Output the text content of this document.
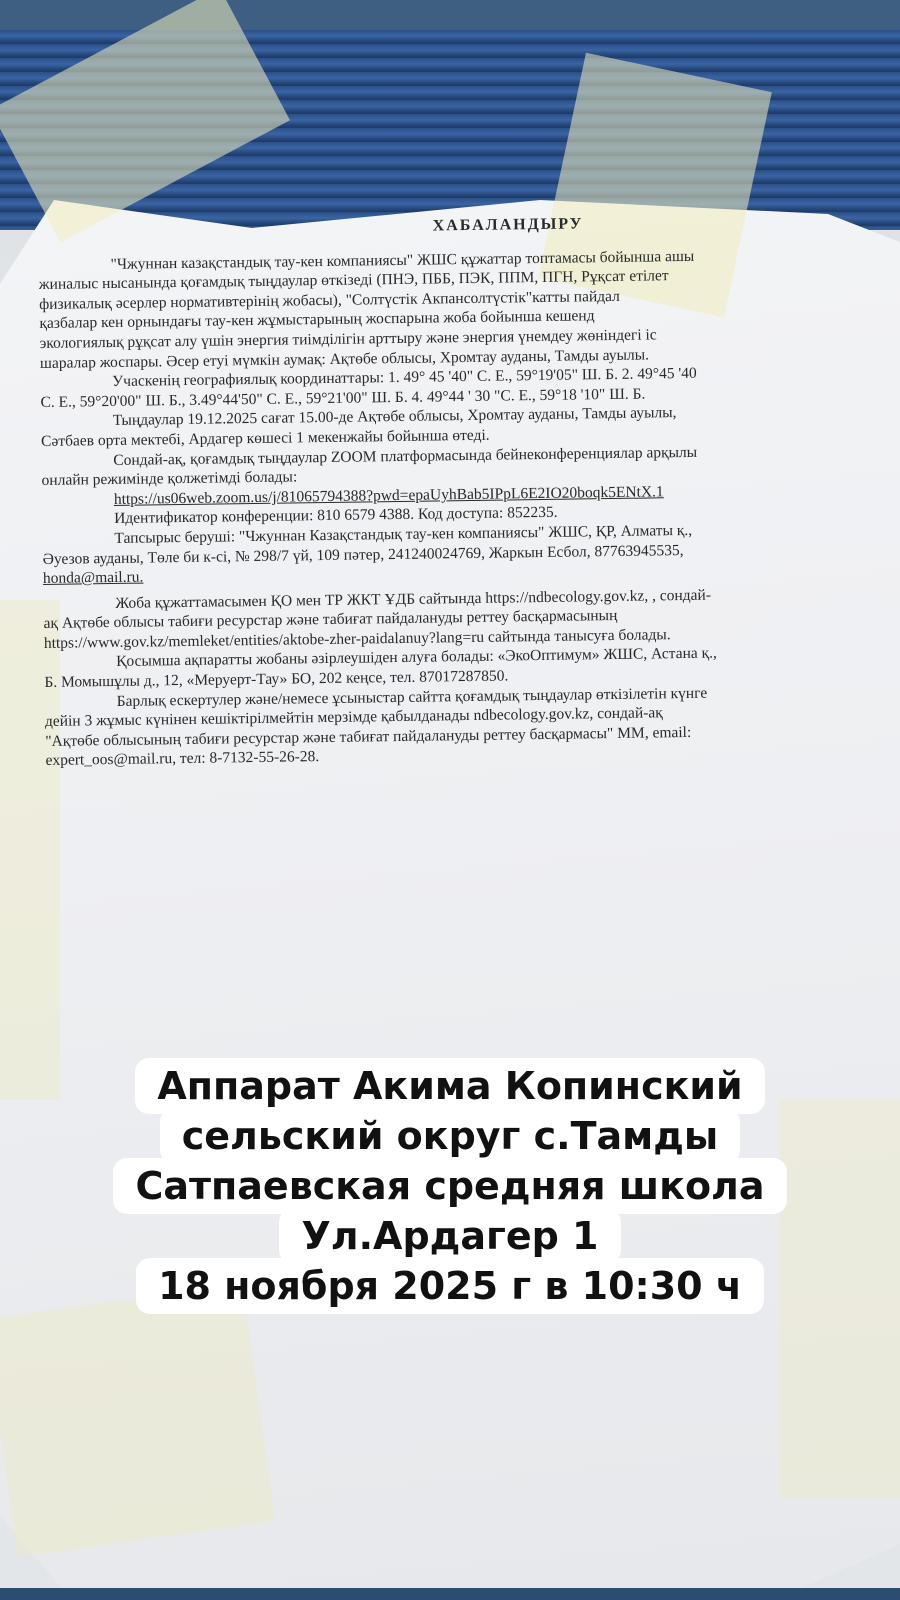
ХАБАЛАНДЫРУ
"Чжуннан казақстандық тау-кен компаниясы" ЖШС құжаттар топтамасы бойынша ашы
жиналыс нысанында қоғамдық тыңдаулар өткізеді (ПНЭ, ПББ, ПЭК, ППМ, ПГН, Рұқсат етілет
физикалық әсерлер нормативтерінің жобасы), "Солтүстік Акпансолтүстік"катты пайдал
қазбалар кен орнындағы тау-кен жұмыстарының жоспарына жоба бойынша кешенд
экологиялық рұқсат алу үшін энергия тиімділігін арттыру және энергия үнемдеу жөніндегі іс
шаралар жоспары. Әсер етуі мүмкін аумақ: Ақтөбе облысы, Хромтау ауданы, Тамды ауылы.
Учаскенің географиялық координаттары: 1. 49° 45 '40" С. Е., 59°19'05" Ш. Б. 2. 49°45 '40
С. Е., 59°20'00" Ш. Б., 3.49°44'50" С. Е., 59°21'00" Ш. Б. 4. 49°44 ' 30 "С. Е., 59°18 '10" Ш. Б.
Тыңдаулар 19.12.2025 сағат 15.00-де Ақтөбе облысы, Хромтау ауданы, Тамды ауылы,
Сәтбаев орта мектебі, Ардагер көшесі 1 мекенжайы бойынша өтеді.
Сондай-ақ, қоғамдық тыңдаулар ZOOM платформасында бейнеконференциялар арқылы
онлайн режимінде қолжетімді болады:
https://us06web.zoom.us/j/81065794388?pwd=epaUyhBab5IPpL6E2IO20boqk5ENtX.1
Идентификатор конференции: 810 6579 4388. Код доступа: 852235.
Тапсырыс беруші: "Чжуннан Казақстандық тау-кен компаниясы" ЖШС, ҚР, Алматы қ.,
Әуезов ауданы, Төле би к-сі, № 298/7 үй, 109 пәтер, 241240024769, Жаркын Есбол, 87763945535,
honda@mail.ru.
Жоба құжаттамасымен ҚО мен ТР ЖКТ ҰДБ сайтында https://ndbecology.gov.kz, , сондай-
ақ Ақтөбе облысы табиғи ресурстар және табиғат пайдалануды реттеу басқармасының
https://www.gov.kz/memleket/entities/aktobe-zher-paidalanuy?lang=ru сайтында танысуға болады.
Қосымша ақпаратты жобаны әзірлеушіден алуға болады: «ЭкоОптимум» ЖШС, Астана қ.,
Б. Момышұлы д., 12, «Меруерт-Тау» БО, 202 кеңсе, тел. 87017287850.
Барлық ескертулер және/немесе ұсыныстар сайтта қоғамдық тыңдаулар өткізілетін күнге
дейін 3 жұмыс күнінен кешіктірілмейтін мерзімде қабылданады ndbecology.gov.kz, сондай-ақ
"Ақтөбе облысының табиғи ресурстар және табиғат пайдалануды реттеу басқармасы" ММ, email:
expert_oos@mail.ru, тел: 8-7132-55-26-28.
Аппарат Акима Копинский
сельский округ с.Тамды
Сатпаевская средняя школа
Ул.Ардагер 1
18 ноября 2025 г в 10:30 ч
